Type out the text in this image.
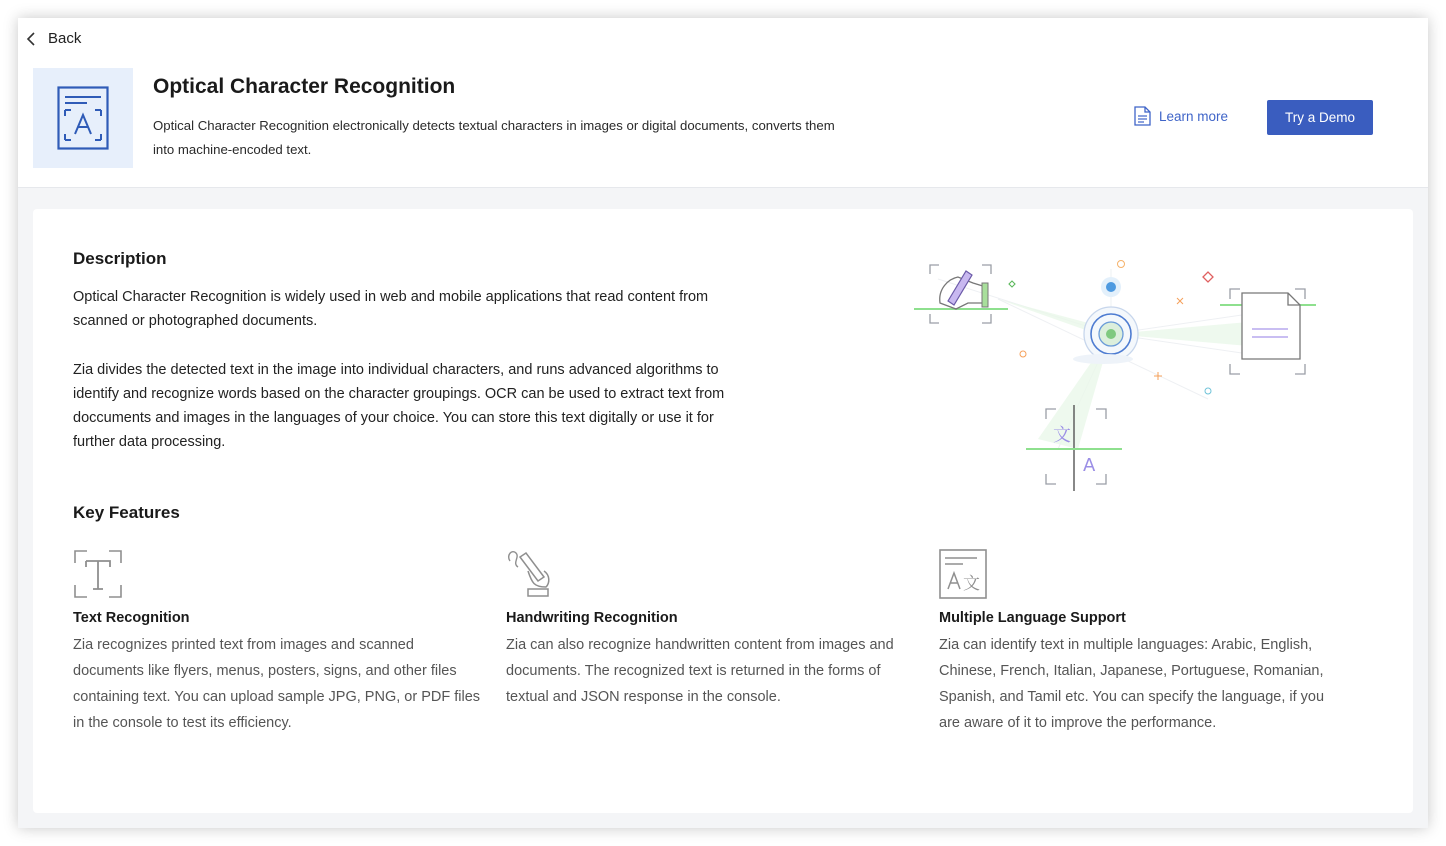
Back
Optical Character Recognition
Optical Character Recognition electronically detects textual characters in images or digital documents, converts them into machine-encoded text.
Learn more	Try a Demo
Description
Optical Character Recognition is widely used in web and mobile applications that read content from scanned or photographed documents.
Zia divides the detected text in the image into individual characters, and runs advanced algorithms to identify and recognize words based on the character groupings. OCR can be used to extract text from doccuments and images in the languages of your choice. You can store this text digitally or use it for further data processing.	文
A
Key Features
Text Recognition
Zia recognizes printed text from images and scanned documents like flyers, menus, posters, signs, and other files containing text. You can upload sample JPG, PNG, or PDF files in the console to test its efficiency.
Handwriting Recognition
Zia can also recognize handwritten content from images and documents. The recognized text is returned in the forms of textual and JSON response in the console.
文
Multiple Language Support
Zia can identify text in multiple languages: Arabic, English, Chinese, French, Italian, Japanese, Portuguese, Romanian, Spanish, and Tamil etc. You can specify the language, if you are aware of it to improve the performance.
